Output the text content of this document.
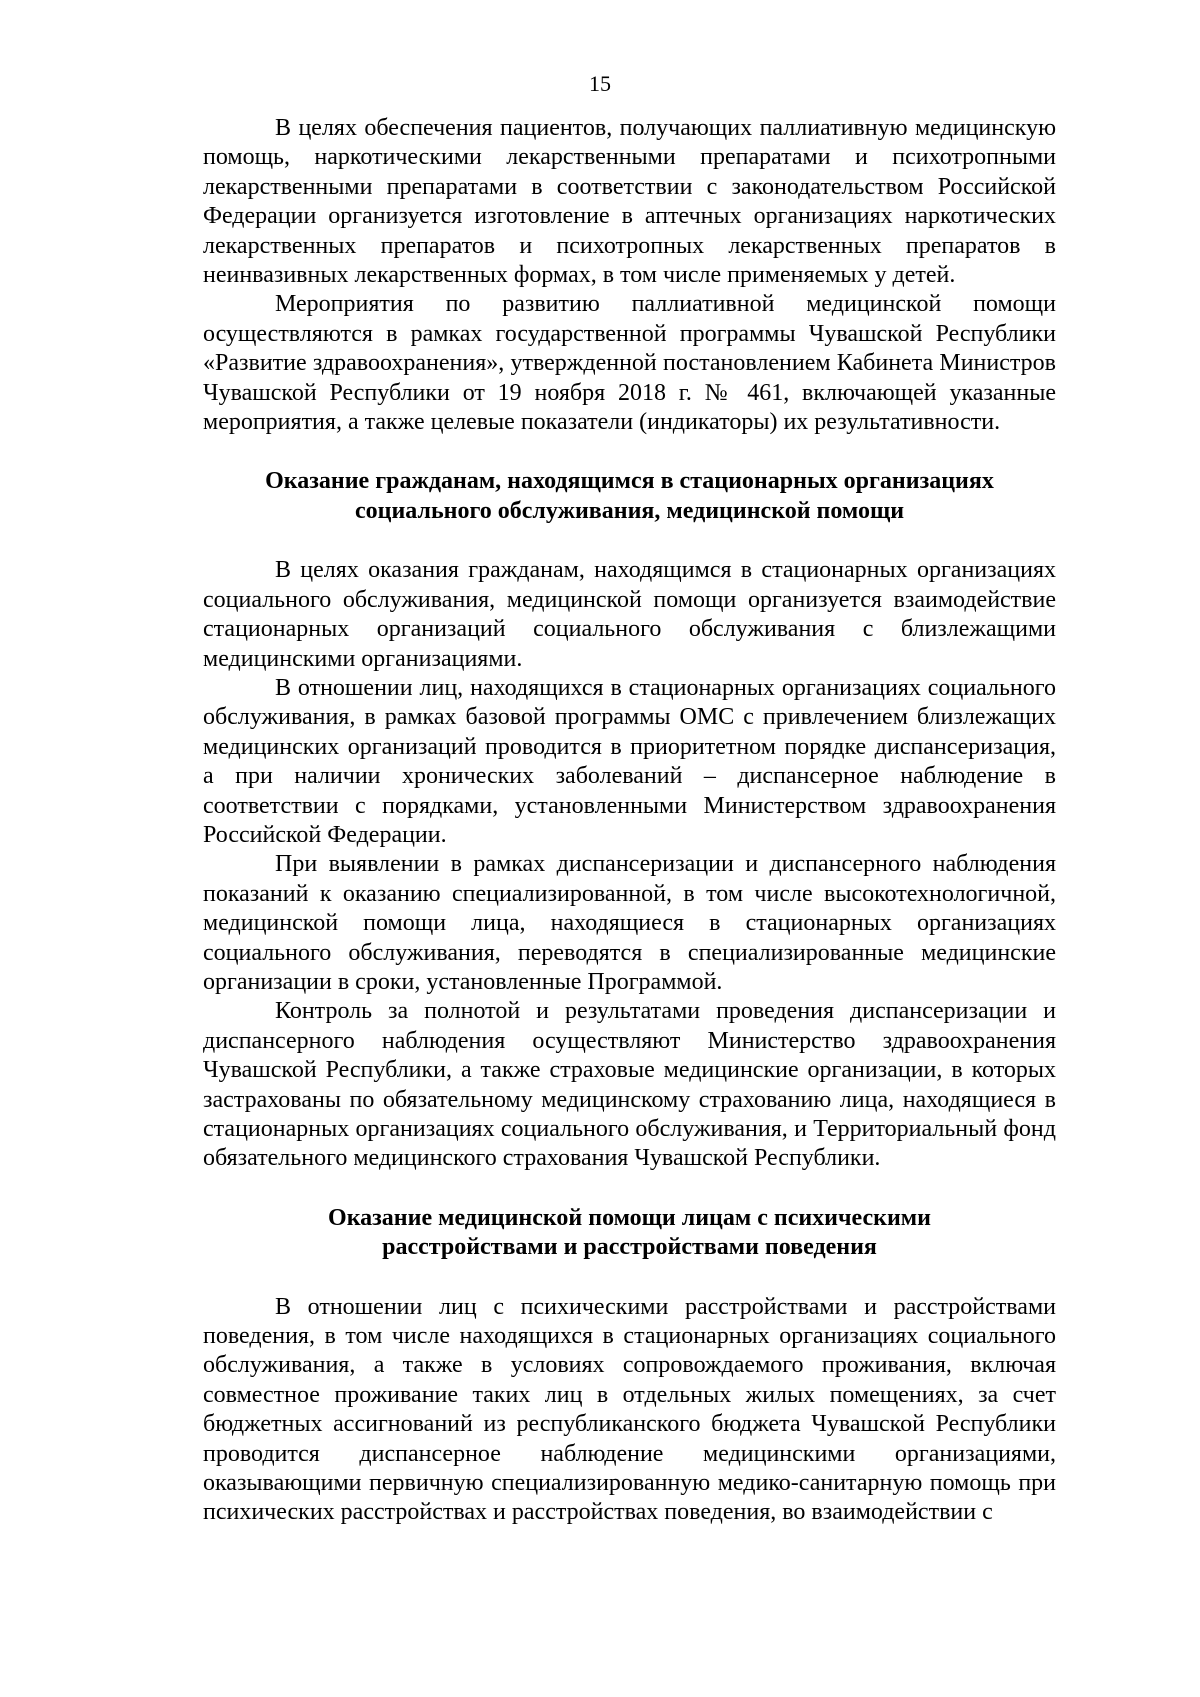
15

В целях обеспечения пациентов, получающих паллиативную медицинскую помощь, наркотическими лекарственными препаратами и психотропными лекарственными препаратами в соответствии с законодательством Российской Федерации организуется изготовление в аптечных организациях наркотических лекарственных препаратов и психотропных лекарственных препаратов в неинвазивных лекарственных формах, в том числе применяемых у детей.

Мероприятия по развитию паллиативной медицинской помощи осуществляются в рамках государственной программы Чувашской Республики «Развитие здравоохранения», утвержденной постановлением Кабинета Министров Чувашской Республики от 19 ноября 2018 г. № 461, включающей указанные мероприятия, а также целевые показатели (индикаторы) их результативности.

Оказание гражданам, находящимся в стационарных организациях
социального обслуживания, медицинской помощи

В целях оказания гражданам, находящимся в стационарных организациях социального обслуживания, медицинской помощи организуется взаимодействие стационарных организаций социального обслуживания с близлежащими медицинскими организациями.

В отношении лиц, находящихся в стационарных организациях социального обслуживания, в рамках базовой программы ОМС с привлечением близлежащих медицинских организаций проводится в приоритетном порядке диспансеризация, а при наличии хронических заболеваний – диспансерное наблюдение в соответствии с порядками, установленными Министерством здравоохранения Российской Федерации.

При выявлении в рамках диспансеризации и диспансерного наблюдения показаний к оказанию специализированной, в том числе высокотехнологичной, медицинской помощи лица, находящиеся в стационарных организациях социального обслуживания, переводятся в специализированные медицинские организации в сроки, установленные Программой.

Контроль за полнотой и результатами проведения диспансеризации и диспансерного наблюдения осуществляют Министерство здравоохранения Чувашской Республики, а также страховые медицинские организации, в которых застрахованы по обязательному медицинскому страхованию лица, находящиеся в стационарных организациях социального обслуживания, и Территориальный фонд обязательного медицинского страхования Чувашской Республики.

Оказание медицинской помощи лицам с психическими
расстройствами и расстройствами поведения

В отношении лиц с психическими расстройствами и расстройствами поведения, в том числе находящихся в стационарных организациях социального обслуживания, а также в условиях сопровождаемого проживания, включая совместное проживание таких лиц в отдельных жилых помещениях, за счет бюджетных ассигнований из республиканского бюджета Чувашской Республики проводится диспансерное наблюдение медицинскими организациями, оказывающими первичную специализированную медико-санитарную помощь при психических расстройствах и расстройствах поведения, во взаимодействии с
